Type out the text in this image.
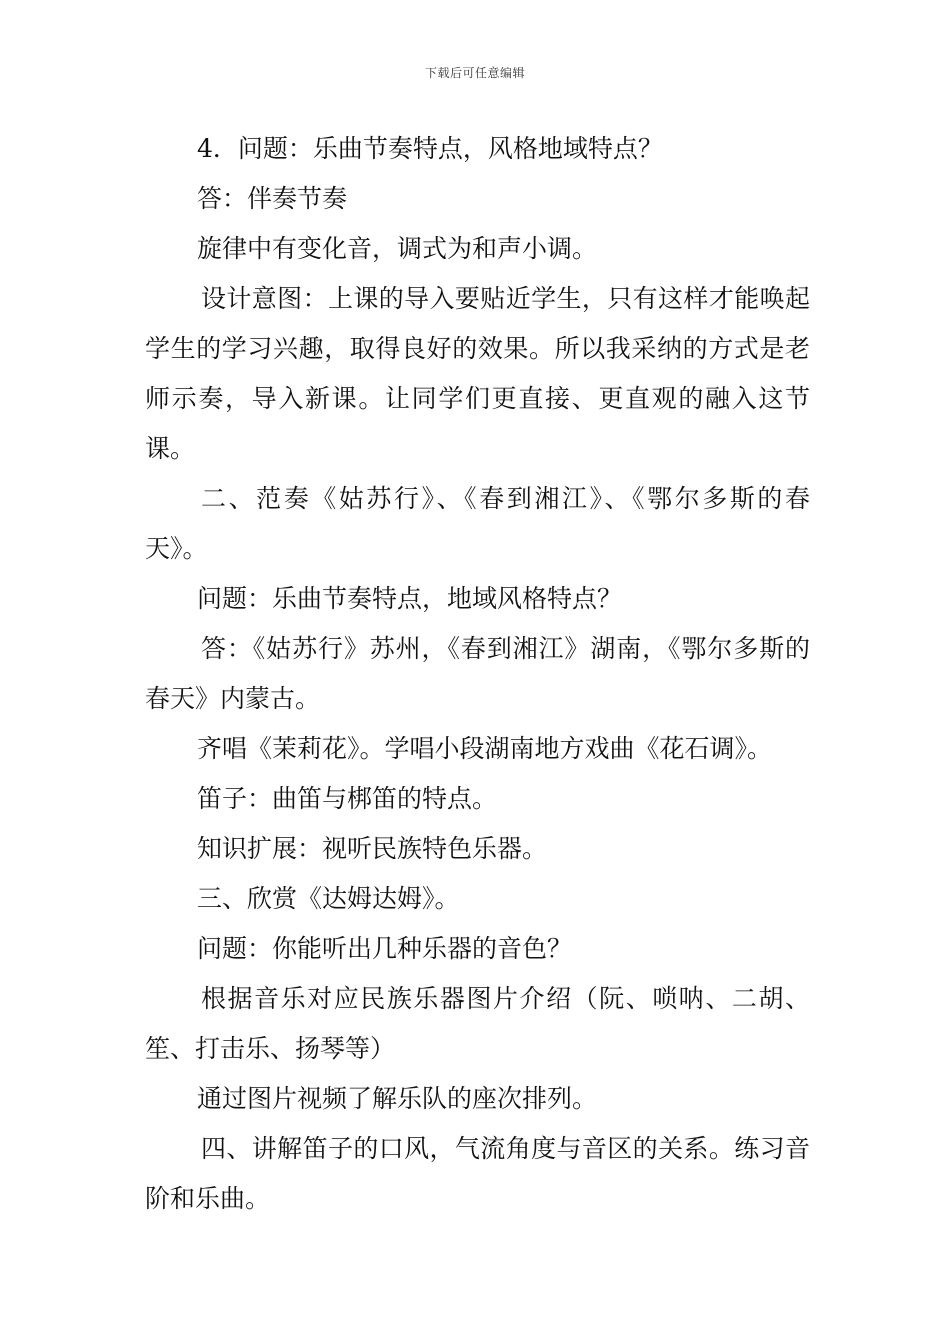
下载后可任意编辑

4．问题：乐曲节奏特点，风格地域特点？

答：伴奏节奏

旋律中有变化音，调式为和声小调。

设计意图：上课的导入要贴近学生，只有这样才能唤起学生的学习兴趣，取得良好的效果。所以我采纳的方式是老师示奏，导入新课。让同学们更直接、更直观的融入这节课。

二、范奏《姑苏行》、《春到湘江》、《鄂尔多斯的春天》。

问题：乐曲节奏特点，地域风格特点？

答：《姑苏行》苏州，《春到湘江》湖南，《鄂尔多斯的春天》内蒙古。

齐唱《茉莉花》。学唱小段湖南地方戏曲《花石调》。

笛子：曲笛与梆笛的特点。

知识扩展：视听民族特色乐器。

三、欣赏《达姆达姆》。

问题：你能听出几种乐器的音色？

根据音乐对应民族乐器图片介绍（阮、唢呐、二胡、笙、打击乐、扬琴等）

通过图片视频了解乐队的座次排列。

四、讲解笛子的口风，气流角度与音区的关系。练习音阶和乐曲。
